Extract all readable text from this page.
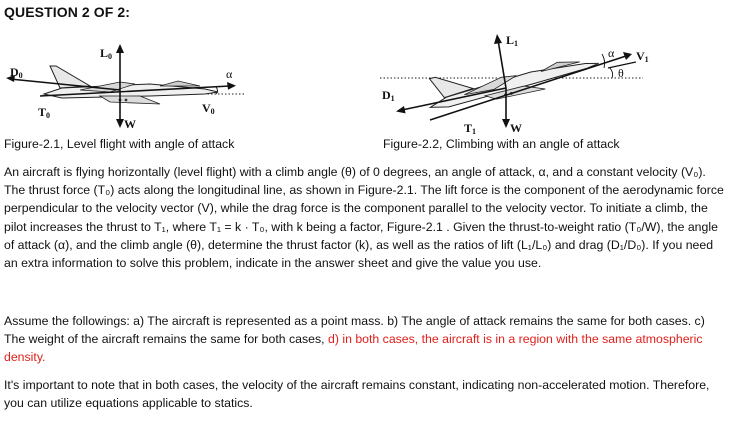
QUESTION 2 OF 2:
L0
D0
T0
W
V0
α
Figure-2.1, Level flight with angle of attack
L1
D1
T1	W
V1
α
θ
Figure-2.2, Climbing with an angle of attack

An aircraft is flying horizontally (level flight) with a climb angle (θ) of 0 degrees, an angle of attack, α, and a constant velocity (V₀). The thrust force (T₀) acts along the longitudinal line, as shown in Figure-2.1. The lift force is the component of the aerodynamic force perpendicular to the velocity vector (V), while the drag force is the component parallel to the velocity vector. To initiate a climb, the pilot increases the thrust to T₁, where T₁ = k · T₀, with k being a factor, Figure-2.1 . Given the thrust-to-weight ratio (T₀/W), the angle of attack (α), and the climb angle (θ), determine the thrust factor (k), as well as the ratios of lift (L₁/L₀) and drag (D₁/D₀). If you need an extra information to solve this problem, indicate in the answer sheet and give the value you use.

Assume the followings: a) The aircraft is represented as a point mass. b) The angle of attack remains the same for both cases. c) The weight of the aircraft remains the same for both cases, d) in both cases, the aircraft is in a region with the same atmospheric density.

It's important to note that in both cases, the velocity of the aircraft remains constant, indicating non-accelerated motion. Therefore, you can utilize equations applicable to statics.
